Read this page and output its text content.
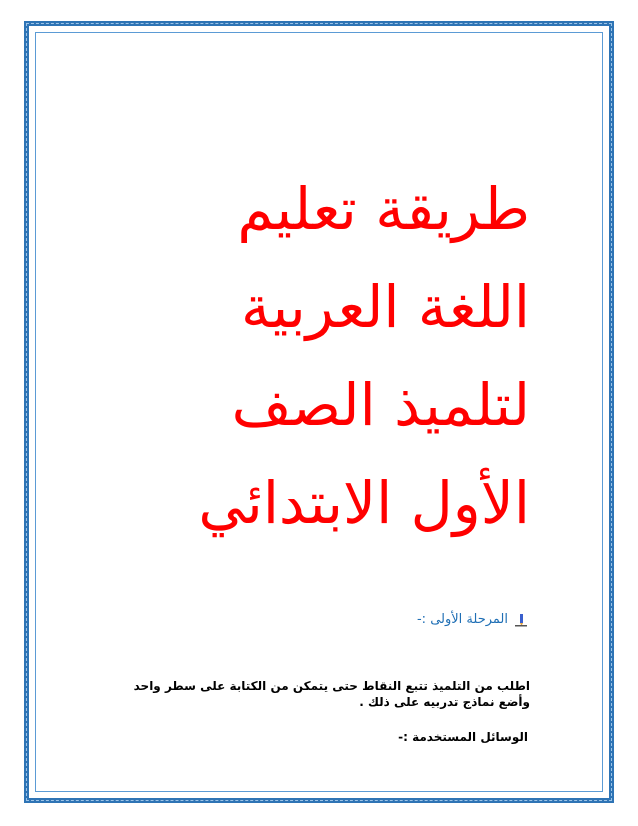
طريقة تعليم
اللغة العربية
لتلميذ الصف
الأول الابتدائي
المرحلة الأولى :-
اطلب من التلميذ تتبع النقاط حتى يتمكن من الكتابة على سطر واحد وأضع نماذج تدربيه على ذلك .
الوسائل المستخدمة :-
